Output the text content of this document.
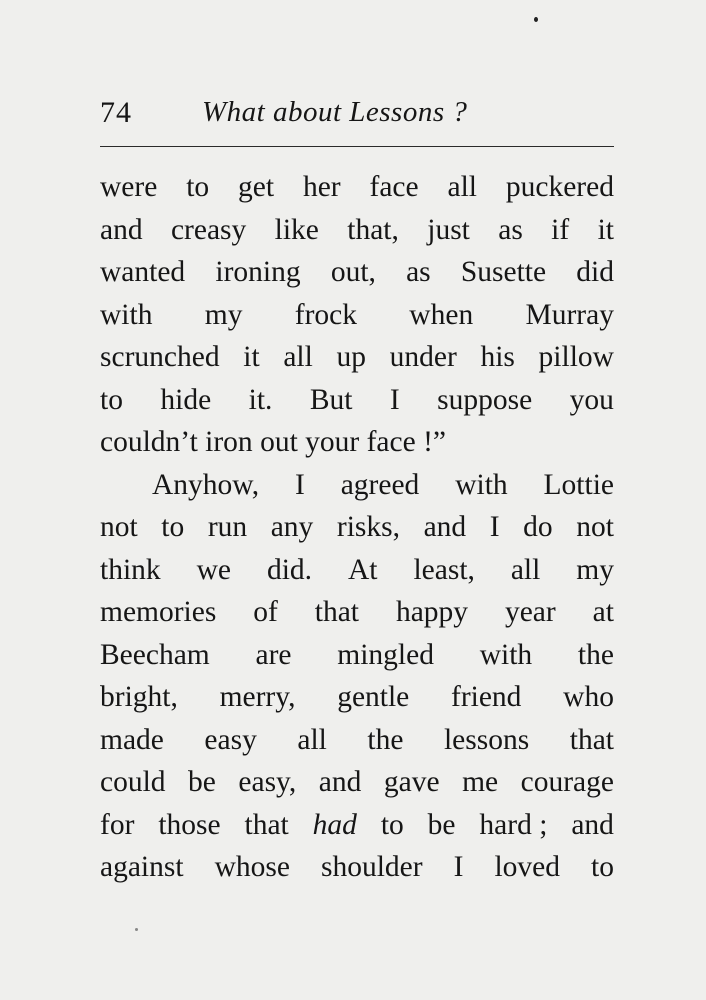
74 What about Lessons ?
were to get her face all puckered
and creasy like that, just as if it
wanted ironing out, as Susette did
with my frock when Murray
scrunched it all up under his pillow
to hide it. But I suppose you
couldn’t
iron
out
your
face !”
Anyhow, I agreed with Lottie
not to run any risks, and I do not
think we did. At least, all my
memories of that happy year at
Beecham are mingled with the
bright, merry, gentle friend who
made easy all the lessons that
could be easy, and gave me courage
for those that had to be hard ; and
against whose shoulder I loved to
